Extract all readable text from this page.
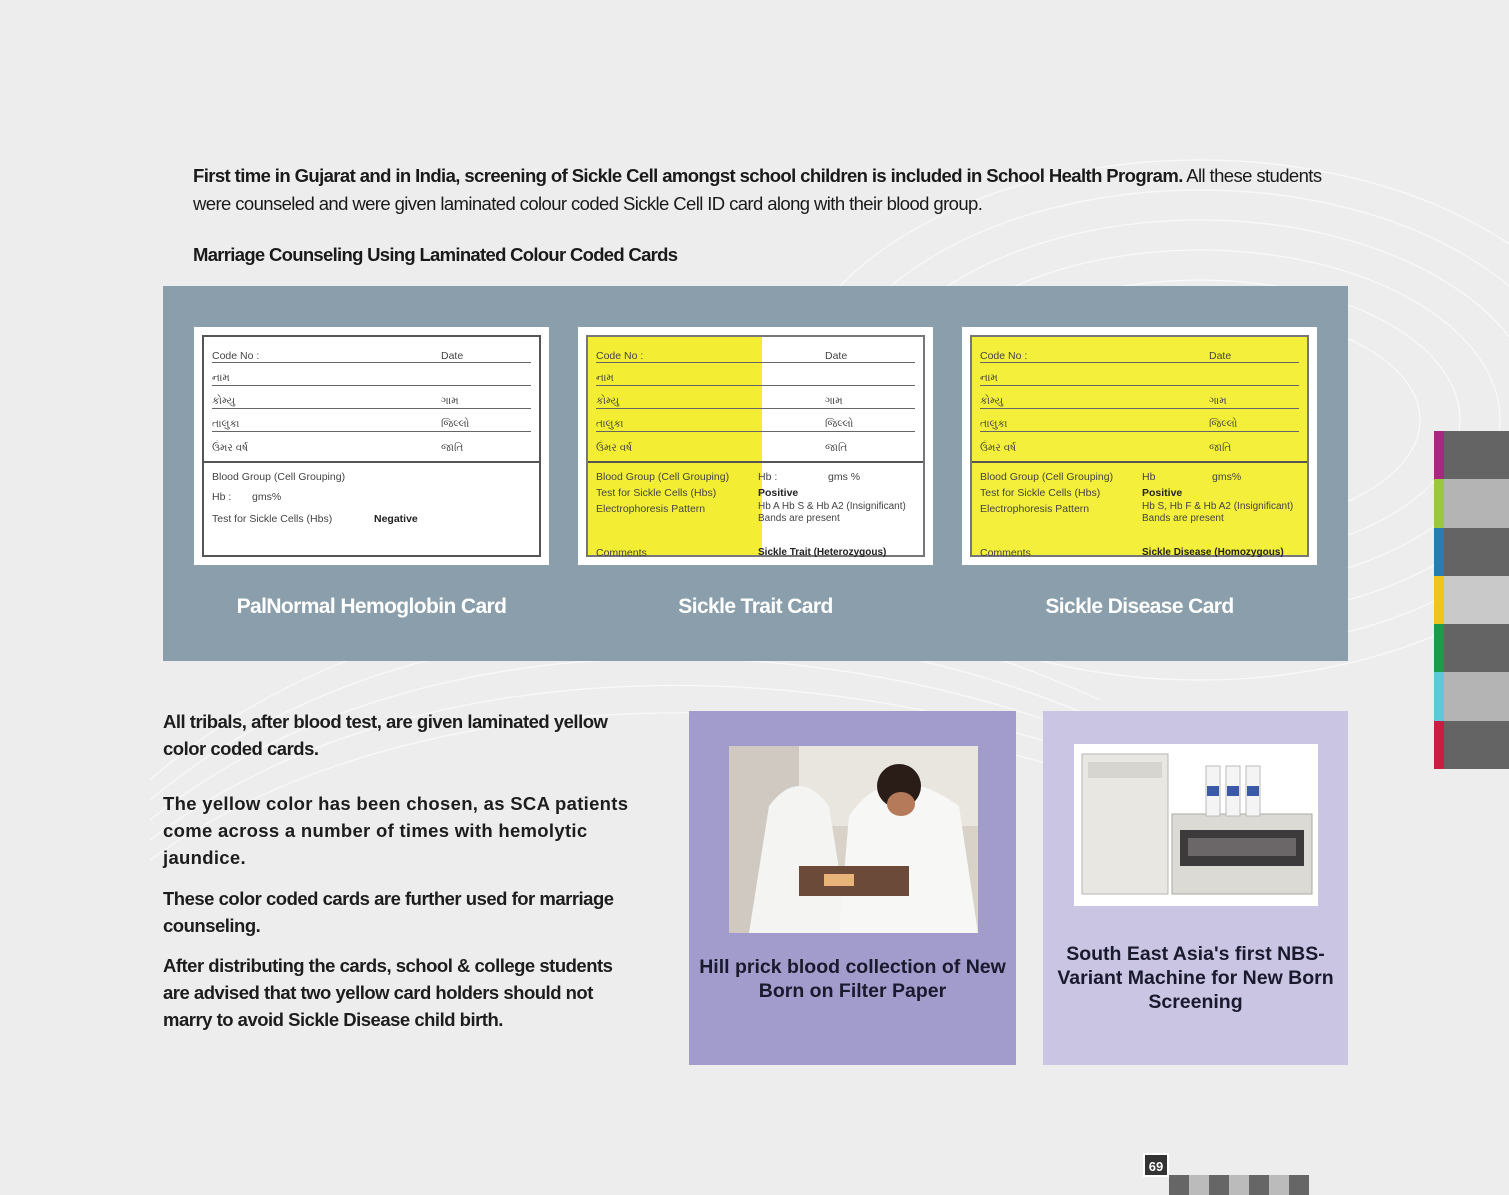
First time in Gujarat and in India, screening of Sickle Cell amongst school children is included in School Health Program. All these students were counseled and were given laminated colour coded Sickle Cell ID card along with their blood group.

Marriage Counseling Using Laminated Colour Coded Cards
Code No :	Date
નામ
કોમ્યુ	ગામ
તાલુકા	જિલ્લો
ઉંમર વર્ષ	જાતિ
Blood Group (Cell Grouping)
Hb :	gms%
Test for Sickle Cells (Hbs)	Negative
PalNormal Hemoglobin Card
Code No :	Date
નામ
કોમ્યુ	ગામ
તાલુકા	જિલ્લો
ઉંમર વર્ષ	જાતિ
Blood Group (Cell Grouping)	Hb :	gms %
Test for Sickle Cells (Hbs)	Positive
Electrophoresis Pattern	Hb A Hb S & Hb A2 (Insignificant) Bands are present
Comments	Sickle Trait (Heterozygous)
Sickle Trait Card
Code No :	Date
નામ
કોમ્યુ	ગામ
તાલુકા	જિલ્લો
ઉંમર વર્ષ	જાતિ
Blood Group (Cell Grouping)	Hb	gms%
Test for Sickle Cells (Hbs)	Positive
Electrophoresis Pattern	Hb S, Hb F & Hb A2 (Insignificant) Bands are present
Comments	Sickle Disease (Homozygous)
Sickle Disease Card

All tribals, after blood test, are given laminated yellow color coded cards.

The yellow color has been chosen, as SCA patients come across a number of times with hemolytic jaundice.

These color coded cards are further used for marriage counseling.

After distributing the cards, school & college students are advised that two yellow card holders should not marry to avoid Sickle Disease child birth.

Hill prick blood collection of New Born on Filter Paper
South East Asia's first NBS-Variant Machine for New Born Screening
69
